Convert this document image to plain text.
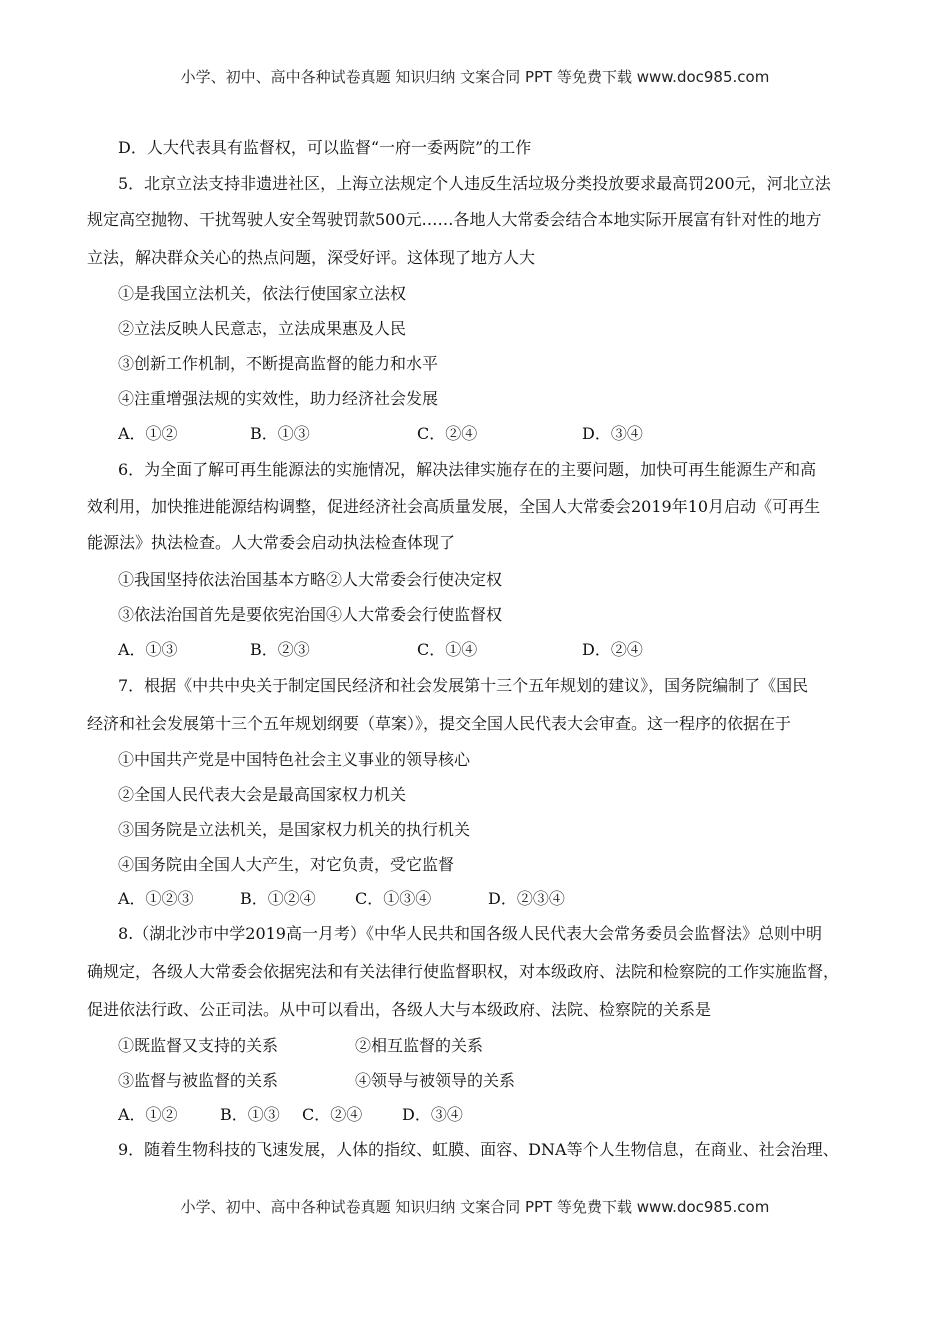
小学、初中、高中各种试卷真题 知识归纳 文案合同 PPT 等免费下载 www.doc985.com
D．人大代表具有监督权，可以监督“一府一委两院”的工作
5．北京立法支持非遗进社区，上海立法规定个人违反生活垃圾分类投放要求最高罚200元，河北立法
规定高空抛物、干扰驾驶人安全驾驶罚款500元……各地人大常委会结合本地实际开展富有针对性的地方
立法，解决群众关心的热点问题，深受好评。这体现了地方人大
①是我国立法机关，依法行使国家立法权
②立法反映人民意志，立法成果惠及人民
③创新工作机制，不断提高监督的能力和水平
④注重增强法规的实效性，助力经济社会发展
A．①②	B．①③	C．②④	D．③④
6．为全面了解可再生能源法的实施情况，解决法律实施存在的主要问题，加快可再生能源生产和高
效利用，加快推进能源结构调整，促进经济社会高质量发展，全国人大常委会2019年10月启动《可再生
能源法》执法检查。人大常委会启动执法检查体现了
①我国坚持依法治国基本方略②人大常委会行使决定权
③依法治国首先是要依宪治国④人大常委会行使监督权
A．①③	B．②③	C．①④	D．②④
7．根据《中共中央关于制定国民经济和社会发展第十三个五年规划的建议》，国务院编制了《国民
经济和社会发展第十三个五年规划纲要（草案）》，提交全国人民代表大会审查。这一程序的依据在于
①中国共产党是中国特色社会主义事业的领导核心
②全国人民代表大会是最高国家权力机关
③国务院是立法机关，是国家权力机关的执行机关
④国务院由全国人大产生，对它负责，受它监督
A．①②③	B．①②④ C．①③④	D．②③④
8.（湖北沙市中学2019高一月考）《中华人民共和国各级人民代表大会常务委员会监督法》总则中明
确规定，各级人大常委会依据宪法和有关法律行使监督职权，对本级政府、法院和检察院的工作实施监督，
促进依法行政、公正司法。从中可以看出，各级人大与本级政府、法院、检察院的关系是
①既监督又支持的关系	②相互监督的关系
③监督与被监督的关系	④领导与被领导的关系
A．①②	B．①③ C．②④ D．③④
9．随着生物科技的飞速发展，人体的指纹、虹膜、面容、DNA等个人生物信息，在商业、社会治理、
小学、初中、高中各种试卷真题 知识归纳 文案合同 PPT 等免费下载 www.doc985.com
